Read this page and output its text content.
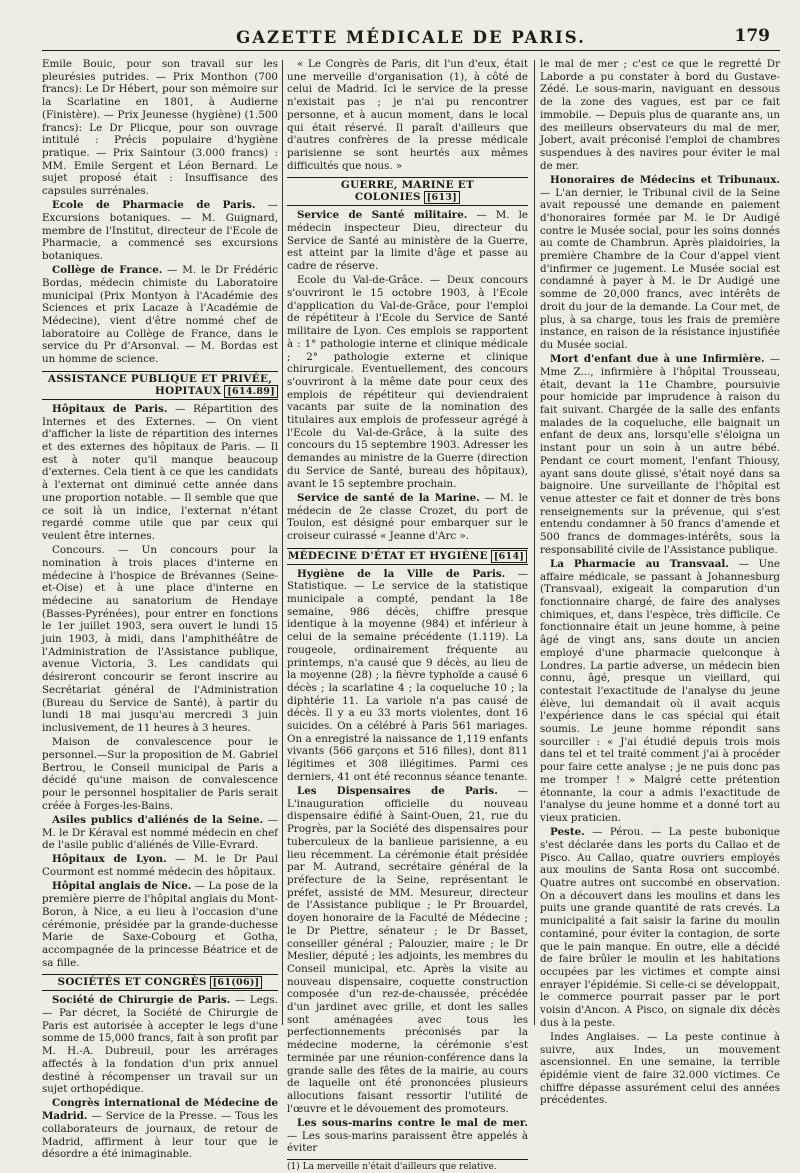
GAZETTE MÉDICALE DE PARIS.	179

Emile Bouic, pour son travail sur les pleurésies putrides. — Prix Monthon (700 francs): Le Dr Hébert, pour son mémoire sur la Scarlatine en 1801, à Audierne (Finistère). — Prix Jeunesse (hygiène) (1.500 francs): Le Dr Plicque, pour son ouvrage intitulé : Précis populaire d'hygiène pratique. — Prix Saintour (3.000 francs) : MM. Emile Sergent et Léon Bernard. Le sujet proposé était : Insuffisance des capsules surrénales.

Ecole de Pharmacie de Paris. — Excursions botaniques. — M. Guignard, membre de l'Institut, directeur de l'Ecole de Pharmacie, a commencé ses excursions botaniques.

Collège de France. — M. le Dr Frédéric Bordas, médecin chimiste du Laboratoire municipal (Prix Montyon à l'Académie des Sciences et prix Lacaze à l'Académie de Médecine), vient d'être nommé chef de laboratoire au Collège de France, dans le service du Pr d'Arsonval. — M. Bordas est un homme de science.

ASSISTANCE PUBLIQUE ET PRIVÉE,
HOPITAUX [614.89]

Hôpitaux de Paris. — Répartition des Internes et des Externes. — On vient d'afficher la liste de répartition des internes et des externes des hôpitaux de Paris. — Il est à noter qu'il manque beaucoup d'externes. Cela tient à ce que les candidats à l'externat ont diminué cette année dans une proportion notable. — Il semble que que ce soit là un indice, l'externat n'étant regardé comme utile que par ceux qui veulent être internes.

Concours. — Un concours pour la nomination à trois places d'interne en médecine à l'hospice de Brévannes (Seine-et-Oise) et à une place d'interne en médecine au sanatorium de Hendaye (Basses-Pyrénées), pour entrer en fonctions le 1er juillet 1903, sera ouvert le lundi 15 juin 1903, à midi, dans l'amphithéâtre de l'Administration de l'Assistance publique, avenue Victoria, 3. Les candidats qui désireront concourir se feront inscrire au Secrétariat général de l'Administration (Bureau du Service de Santé), à partir du lundi 18 mai jusqu'au mercredi 3 juin inclusivement, de 11 heures à 3 heures.

Maison de convalescence pour le personnel.—Sur la proposition de M. Gabriel Bertrou, le Conseil municipal de Paris a décidé qu'une maison de convalescence pour le personnel hospitalier de Paris serait créée à Forges-les-Bains.

Asiles publics d'aliénés de la Seine. — M. le Dr Kéraval est nommé médecin en chef de l'asile public d'aliénés de Ville-Evrard.

Hôpitaux de Lyon. — M. le Dr Paul Courmont est nommé médecin des hôpitaux.

Hôpital anglais de Nice. — La pose de la première pierre de l'hôpital anglais du Mont-Boron, à Nice, a eu lieu à l'occasion d'une cérémonie, présidée par la grande-duchesse Marie de Saxe-Cobourg et Gotha, accompagnée de la princesse Béatrice et de sa fille.

SOCIÉTÉS ET CONGRÈS [61(06)]

Société de Chirurgie de Paris. — Legs. — Par décret, la Société de Chirurgie de Paris est autorisée à accepter le legs d'une somme de 15,000 francs, fait à son profit par M. H.-A. Dubreuil, pour les arrérages affectés à la fondation d'un prix annuel destiné à récompenser un travail sur un sujet orthopédique.

Congrès international de Médecine de Madrid. — Service de la Presse. — Tous les collaborateurs de journaux, de retour de Madrid, affirment à leur tour que le désordre a été inimaginable.

« Le Congrès de Paris, dit l'un d'eux, était une merveille d'organisation (1), à côté de celui de Madrid. Ici le service de la presse n'existait pas ; je n'ai pu rencontrer personne, et à aucun moment, dans le local qui était réservé. Il paraît d'ailleurs que d'autres confrères de la presse médicale parisienne se sont heurtés aux mêmes difficultés que nous. »

GUERRE, MARINE ET COLONIES [613]

Service de Santé militaire. — M. le médecin inspecteur Dieu, directeur du Service de Santé au ministère de la Guerre, est atteint par la limite d'âge et passe au cadre de réserve.

Ecole du Val-de-Grâce. — Deux concours s'ouvriront le 15 octobre 1903, à l'Ecole d'application du Val-de-Grâce, pour l'emploi de répétiteur à l'Ecole du Service de Santé militaire de Lyon. Ces emplois se rapportent à : 1° pathologie interne et clinique médicale ; 2° pathologie externe et clinique chirurgicale. Eventuellement, des concours s'ouvriront à la même date pour ceux des emplois de répétiteur qui deviendraient vacants par suite de la nomination des titulaires aux emplois de professeur agrégé à l'Ecole du Val-de-Grâce, à la suite des concours du 15 septembre 1903. Adresser les demandes au ministre de la Guerre (direction du Service de Santé, bureau des hôpitaux), avant le 15 septembre prochain.

Service de santé de la Marine. — M. le médecin de 2e classe Crozet, du port de Toulon, est désigné pour embarquer sur le croiseur cuirassé « Jeanne d'Arc ».

MÉDECINE D'ÉTAT ET HYGIÈNE [614]

Hygiène de la Ville de Paris. — Statistique. — Le service de la statistique municipale a compté, pendant la 18e semaine, 986 décès, chiffre presque identique à la moyenne (984) et inférieur à celui de la semaine précédente (1.119). La rougeole, ordinairement fréquente au printemps, n'a causé que 9 décès, au lieu de la moyenne (28) ; la fièvre typhoïde a causé 6 décès ; la scarlatine 4 ; la coqueluche 10 ; la diphtérie 11. La variole n'a pas causé de décès. Il y a eu 33 morts violentes, dont 16 suicides. On a célébré à Paris 561 mariages. On a enregistré la naissance de 1,119 enfants vivants (566 garçons et 516 filles), dont 811 légitimes et 308 illégitimes. Parmi ces derniers, 41 ont été reconnus séance tenante.

Les Dispensaires de Paris. — L'inauguration officielle du nouveau dispensaire édifié à Saint-Ouen, 21, rue du Progrès, par la Société des dispensaires pour tuberculeux de la banlieue parisienne, a eu lieu récemment. La cérémonie était présidée par M. Autrand, secrétaire général de la préfecture de la Seine, représentant le préfet, assisté de MM. Mesureur, directeur de l'Assistance publique ; le Pr Brouardel, doyen honoraire de la Faculté de Médecine ; le Dr Piettre, sénateur ; le Dr Basset, conseiller général ; Palouzier, maire ; le Dr Meslier, député ; les adjoints, les membres du Conseil municipal, etc. Après la visite au nouveau dispensaire, coquette construction composée d'un rez-de-chaussée, précédée d'un jardinet avec grille, et dont les salles sont aménagées avec tous les perfectionnements préconisés par la médecine moderne, la cérémonie s'est terminée par une réunion-conférence dans la grande salle des fêtes de la mairie, au cours de laquelle ont été prononcées plusieurs allocutions faisant ressortir l'utilité de l'œuvre et le dévouement des promoteurs.

Les sous-marins contre le mal de mer. — Les sous-marins paraissent être appelés à éviter

(1) La merveille n'était d'ailleurs que relative.

le mal de mer ; c'est ce que le regretté Dr Laborde a pu constater à bord du Gustave-Zédé. Le sous-marin, naviguant en dessous de la zone des vagues, est par ce fait immobile. — Depuis plus de quarante ans, un des meilleurs observateurs du mal de mer, Jobert, avait préconisé l'emploi de chambres suspendues à des navires pour éviter le mal de mer.

Honoraires de Médecins et Tribunaux. — L'an dernier, le Tribunal civil de la Seine avait repoussé une demande en paiement d'honoraires formée par M. le Dr Audigé contre le Musée social, pour les soins donnés au comte de Chambrun. Après plaidoiries, la première Chambre de la Cour d'appel vient d'infirmer ce jugement. Le Musée social est condamné à payer à M. le Dr Audigé une somme de 20,000 francs, avec intérêts de droit du jour de la demande. La Cour met, de plus, à sa charge, tous les frais de première instance, en raison de la résistance injustifiée du Musée social.

Mort d'enfant due à une Infirmière. — Mme Z..., infirmière à l'hôpital Trousseau, était, devant la 11e Chambre, poursuivie pour homicide par imprudence à raison du fait suivant. Chargée de la salle des enfants malades de la coqueluche, elle baignait un enfant de deux ans, lorsqu'elle s'éloigna un instant pour un soin à un autre bébé. Pendant ce court moment, l'enfant Thiousy, ayant sans doute glissé, s'était noyé dans sa baignoire. Une surveillante de l'hôpital est venue attester ce fait et donner de très bons renseignements sur la prévenue, qui s'est entendu condamner à 50 francs d'amende et 500 francs de dommages-intérêts, sous la responsabilité civile de l'Assistance publique.

La Pharmacie au Transvaal. — Une affaire médicale, se passant à Johannesburg (Transvaal), exigeait la comparution d'un fonctionnaire chargé, de faire des analyses chimiques, et, dans l'espèce, très difficile. Ce fonctionnaire était un jeune homme, à peine âgé de vingt ans, sans doute un ancien employé d'une pharmacie quelconque à Londres. La partie adverse, un médecin bien connu, âgé, presque un vieillard, qui contestait l'exactitude de l'analyse du jeune élève, lui demandait où il avait acquis l'expérience dans le cas spécial qui était soumis. Le jeune homme répondit sans sourciller : « J'ai étudié depuis trois mois dans tel et tel traité comment j'ai à procéder pour faire cette analyse ; je ne puis donc pas me tromper ! » Malgré cette prétention étonnante, la cour a admis l'exactitude de l'analyse du jeune homme et a donné tort au vieux praticien.

Peste. — Pérou. — La peste bubonique s'est déclarée dans les ports du Callao et de Pisco. Au Callao, quatre ouvriers employés aux moulins de Santa Rosa ont succombé. Quatre autres ont succombé en observation. On a découvert dans les moulins et dans les puits une grande quantité de rats crevés. La municipalité a fait saisir la farine du moulin contaminé, pour éviter la contagion, de sorte que le pain manque. En outre, elle a décidé de faire brûler le moulin et les habitations occupées par les victimes et compte ainsi enrayer l'épidémie. Si celle-ci se développait, le commerce pourrait passer par le port voisin d'Ancon. A Pisco, on signale dix décès dus à la peste.

Indes Anglaises. — La peste continue à suivre, aux Indes, un mouvement ascensionnel. En une semaine, la terrible épidémie vient de faire 32.000 victimes. Ce chiffre dépasse assurément celui des années précédentes.
